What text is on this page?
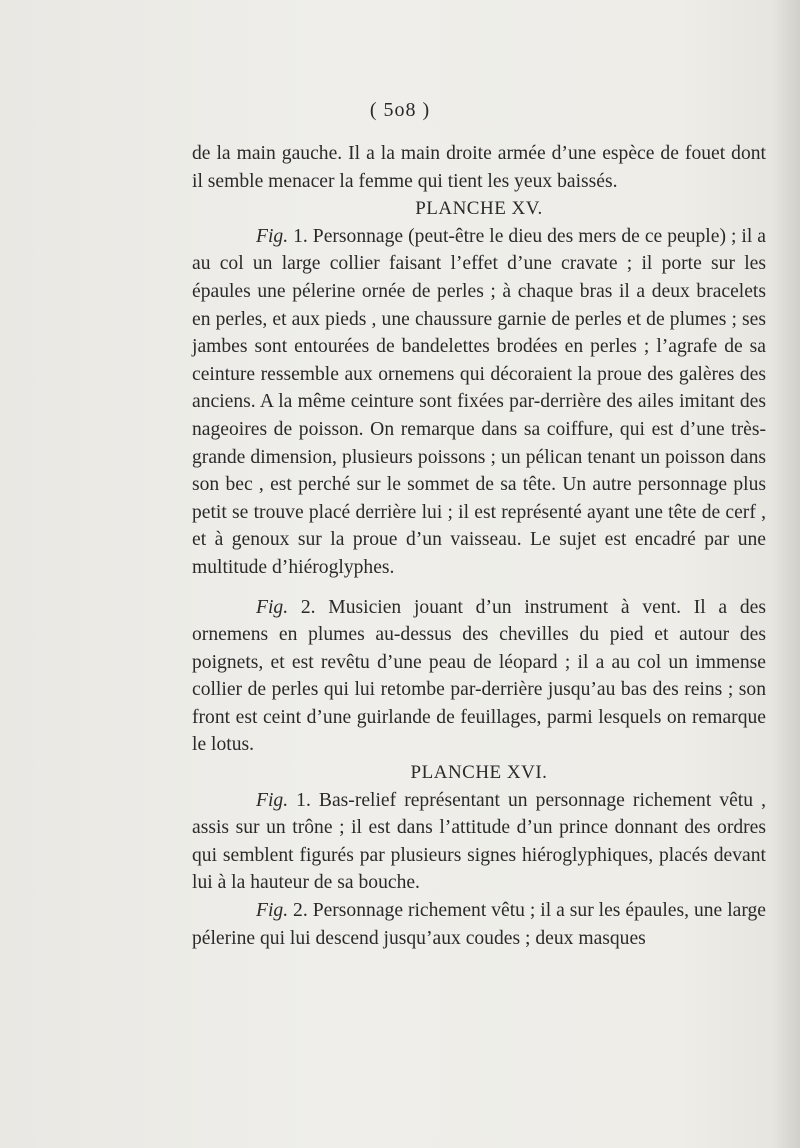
( 5o8 )

de la main gauche. Il a la main droite armée d’une espèce de fouet dont il semble menacer la femme qui tient les yeux baissés.

PLANCHE XV.

Fig. 1. Personnage (peut-être le dieu des mers de ce peuple) ; il a au col un large collier faisant l’effet d’une cravate ; il porte sur les épaules une pélerine ornée de perles ; à chaque bras il a deux bracelets en perles, et aux pieds , une chaussure garnie de perles et de plumes ; ses jambes sont entourées de bandelettes brodées en perles ; l’agrafe de sa ceinture ressemble aux ornemens qui décoraient la proue des galères des anciens. A la même ceinture sont fixées par-derrière des ailes imitant des nageoires de poisson. On remarque dans sa coiffure, qui est d’une très-grande dimension, plusieurs poissons ; un pélican tenant un poisson dans son bec , est perché sur le sommet de sa tête. Un autre personnage plus petit se trouve placé derrière lui ; il est représenté ayant une tête de cerf , et à genoux sur la proue d’un vaisseau. Le sujet est encadré par une multitude d’hiéroglyphes.

Fig. 2. Musicien jouant d’un instrument à vent. Il a des ornemens en plumes au-dessus des chevilles du pied et autour des poignets, et est revêtu d’une peau de léopard ; il a au col un immense collier de perles qui lui retombe par-derrière jusqu’au bas des reins ; son front est ceint d’une guirlande de feuillages, parmi lesquels on remarque le lotus.

PLANCHE XVI.

Fig. 1. Bas-relief représentant un personnage richement vêtu , assis sur un trône ; il est dans l’attitude d’un prince donnant des ordres qui semblent figurés par plusieurs signes hiéroglyphiques, placés devant lui à la hauteur de sa bouche.

Fig. 2. Personnage richement vêtu ; il a sur les épaules, une large pélerine qui lui descend jusqu’aux coudes ; deux masques
